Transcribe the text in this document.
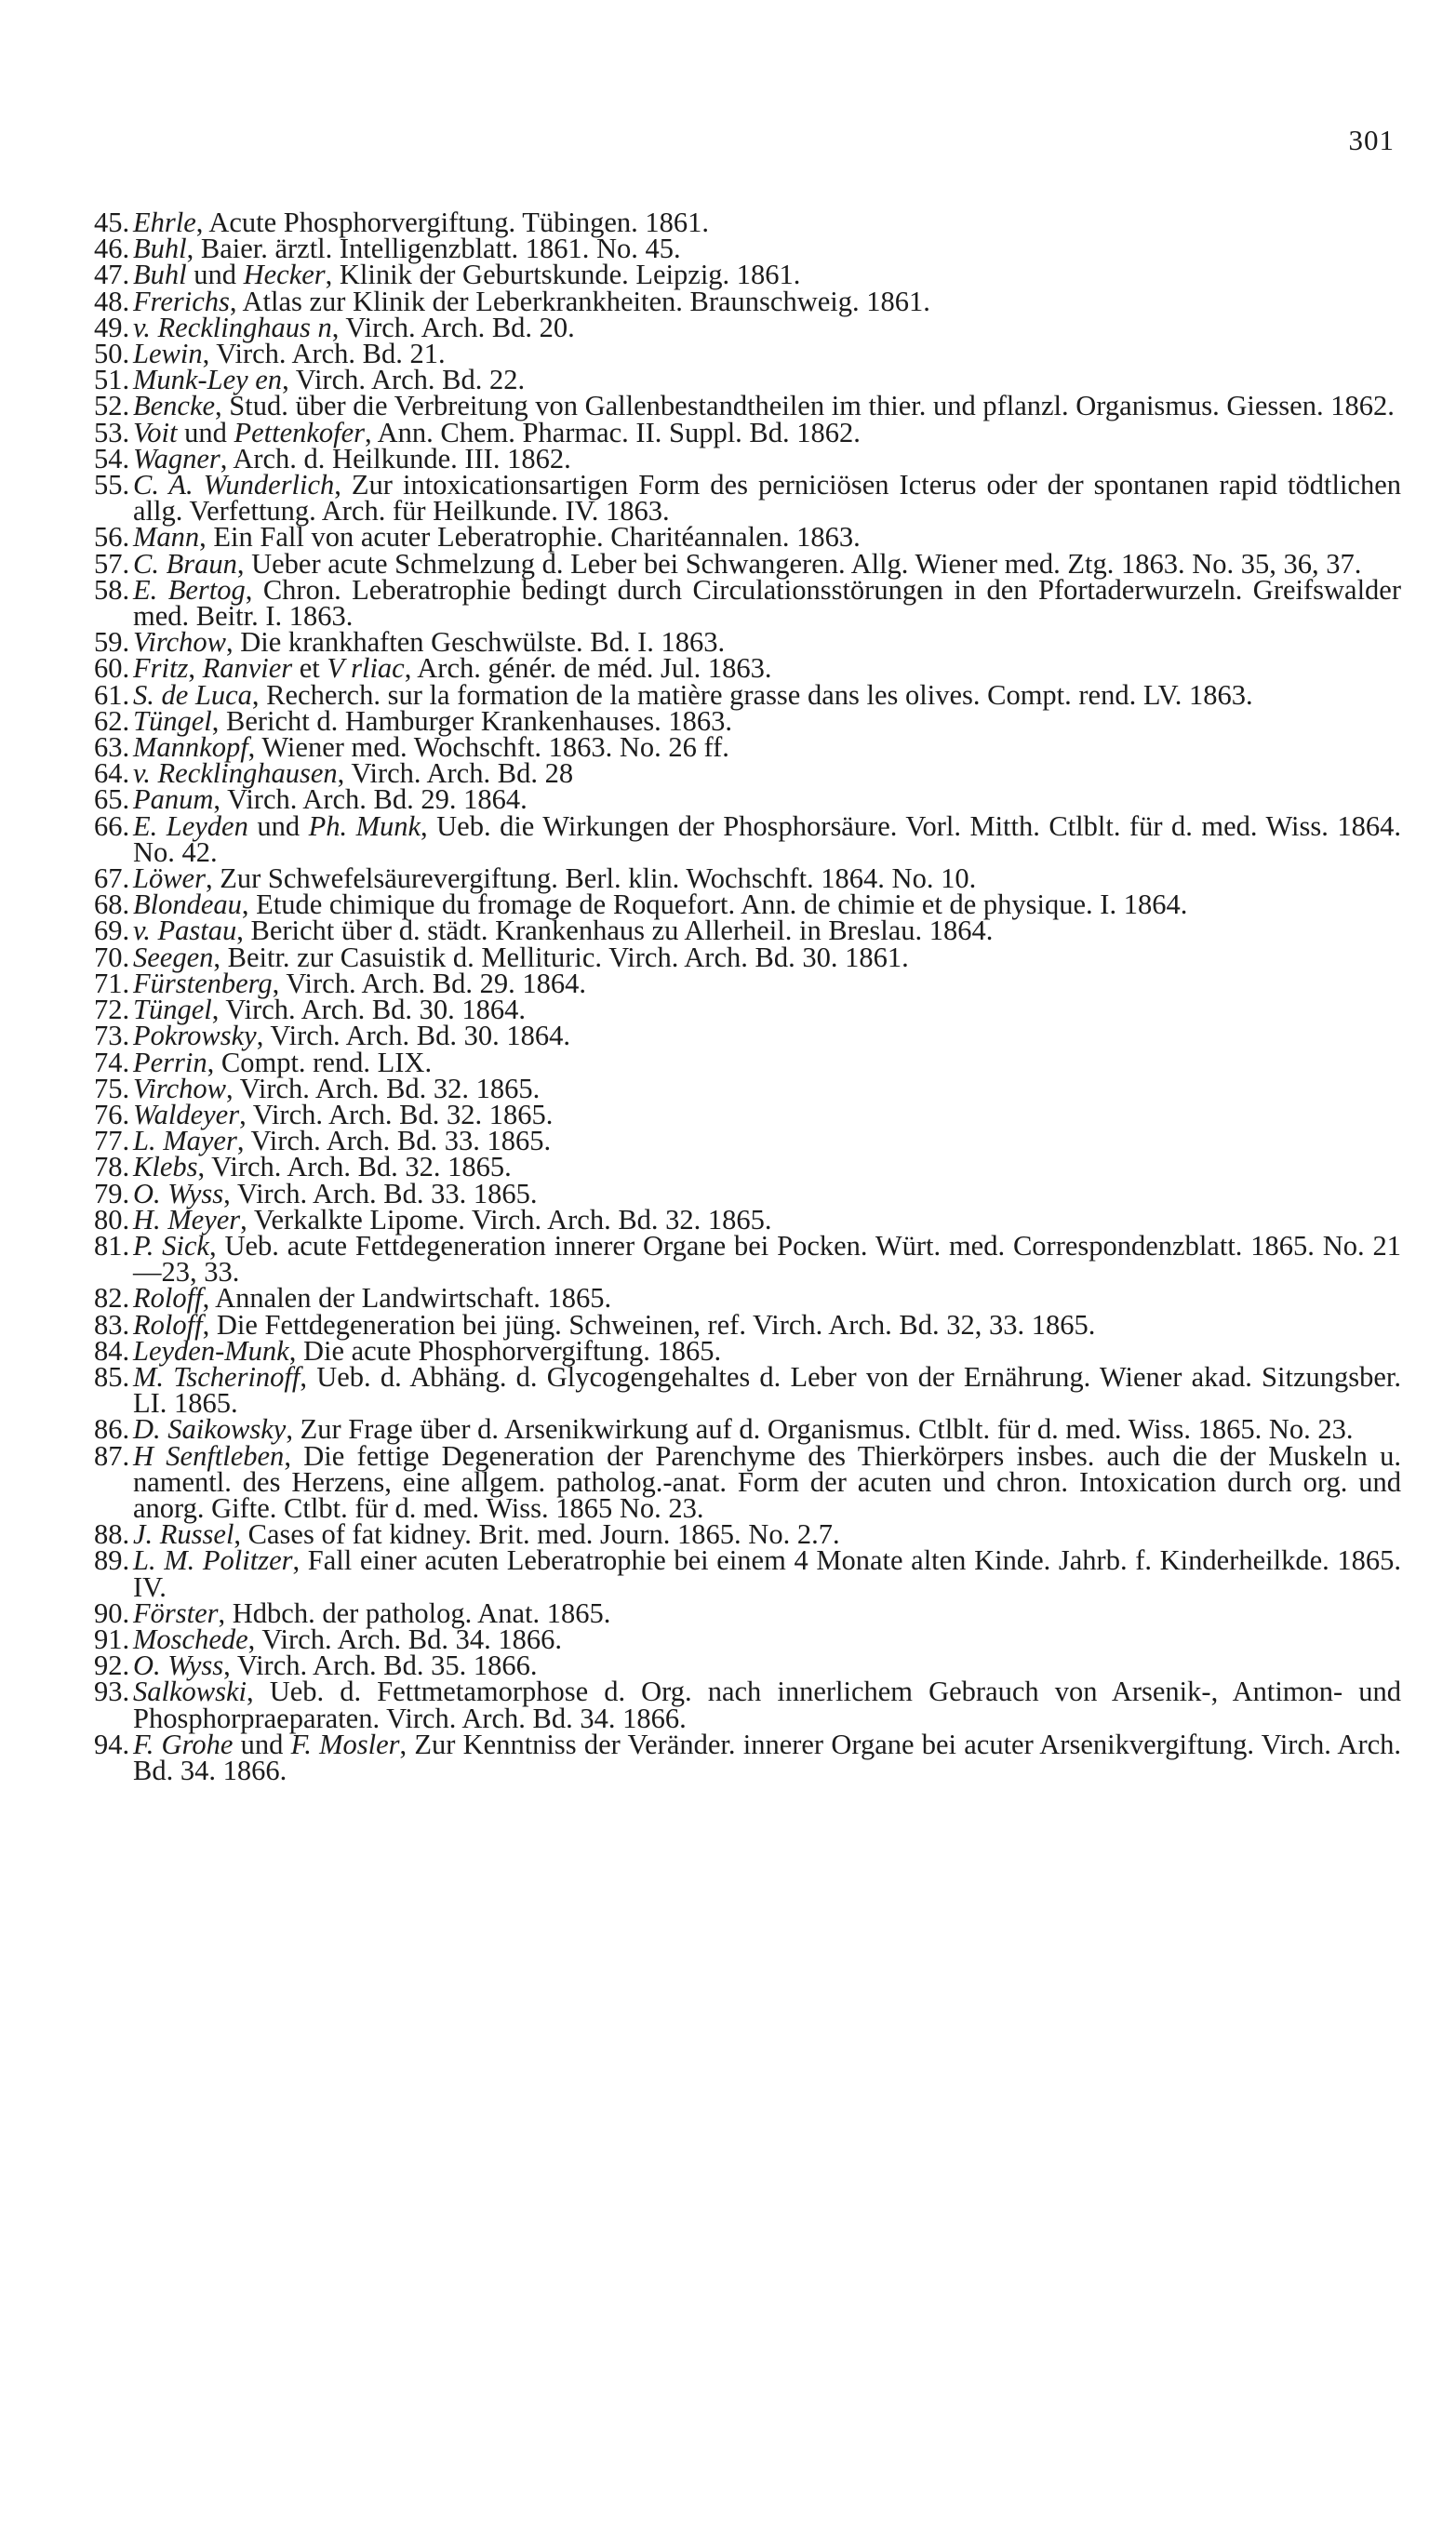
301
45. Ehrle, Acute Phosphorvergiftung. Tübingen. 1861.
46. Buhl, Baier. ärztl. Intelligenzblatt. 1861. No. 45.
47. Buhl und Hecker, Klinik der Geburtskunde. Leipzig. 1861.
48. Frerichs, Atlas zur Klinik der Leberkrankheiten. Braunschweig. 1861.
49. v. Recklinghaus n, Virch. Arch. Bd. 20.
50. Lewin, Virch. Arch. Bd. 21.
51. Munk-Ley en, Virch. Arch. Bd. 22.
52. Bencke, Stud. über die Verbreitung von Gallenbestandtheilen im thier. und pflanzl. Organismus. Giessen. 1862.
53. Voit und Pettenkofer, Ann. Chem. Pharmac. II. Suppl. Bd. 1862.
54. Wagner, Arch. d. Heilkunde. III. 1862.
55. C. A. Wunderlich, Zur intoxicationsartigen Form des perniciösen Icterus oder der spontanen rapid tödtlichen allg. Verfettung. Arch. für Heilkunde. IV. 1863.
56. Mann, Ein Fall von acuter Leberatrophie. Charitéannalen. 1863.
57. C. Braun, Ueber acute Schmelzung d. Leber bei Schwangeren. Allg. Wiener med. Ztg. 1863. No. 35, 36, 37.
58. E. Bertog, Chron. Leberatrophie bedingt durch Circulationsstörungen in den Pfortaderwurzeln. Greifswalder med. Beitr. I. 1863.
59. Virchow, Die krankhaften Geschwülste. Bd. I. 1863.
60. Fritz, Ranvier et V rliac, Arch. génér. de méd. Jul. 1863.
61. S. de Luca, Recherch. sur la formation de la matière grasse dans les olives. Compt. rend. LV. 1863.
62. Tüngel, Bericht d. Hamburger Krankenhauses. 1863.
63. Mannkopf, Wiener med. Wochschft. 1863. No. 26 ff.
64. v. Recklinghausen, Virch. Arch. Bd. 28
65. Panum, Virch. Arch. Bd. 29. 1864.
66. E. Leyden und Ph. Munk, Ueb. die Wirkungen der Phosphorsäure. Vorl. Mitth. Ctlblt. für d. med. Wiss. 1864. No. 42.
67. Löwer, Zur Schwefelsäurevergiftung. Berl. klin. Wochschft. 1864. No. 10.
68. Blondeau, Etude chimique du fromage de Roquefort. Ann. de chimie et de physique. I. 1864.
69. v. Pastau, Bericht über d. städt. Krankenhaus zu Allerheil. in Breslau. 1864.
70. Seegen, Beitr. zur Casuistik d. Mellituric. Virch. Arch. Bd. 30. 1861.
71. Fürstenberg, Virch. Arch. Bd. 29. 1864.
72. Tüngel, Virch. Arch. Bd. 30. 1864.
73. Pokrowsky, Virch. Arch. Bd. 30. 1864.
74. Perrin, Compt. rend. LIX.
75. Virchow, Virch. Arch. Bd. 32. 1865.
76. Waldeyer, Virch. Arch. Bd. 32. 1865.
77. L. Mayer, Virch. Arch. Bd. 33. 1865.
78. Klebs, Virch. Arch. Bd. 32. 1865.
79. O. Wyss, Virch. Arch. Bd. 33. 1865.
80. H. Meyer, Verkalkte Lipome. Virch. Arch. Bd. 32. 1865.
81. P. Sick, Ueb. acute Fettdegeneration innerer Organe bei Pocken. Würt. med. Correspondenzblatt. 1865. No. 21—23, 33.
82. Roloff, Annalen der Landwirtschaft. 1865.
83. Roloff, Die Fettdegeneration bei jüng. Schweinen, ref. Virch. Arch. Bd. 32, 33. 1865.
84. Leyden-Munk, Die acute Phosphorvergiftung. 1865.
85. M. Tscherinoff, Ueb. d. Abhäng. d. Glycogengehaltes d. Leber von der Ernährung. Wiener akad. Sitzungsber. LI. 1865.
86. D. Saikowsky, Zur Frage über d. Arsenikwirkung auf d. Organismus. Ctlblt. für d. med. Wiss. 1865. No. 23.
87. H Senftleben, Die fettige Degeneration der Parenchyme des Thierkörpers insbes. auch die der Muskeln u. namentl. des Herzens, eine allgem. patholog.-anat. Form der acuten und chron. Intoxication durch org. und anorg. Gifte. Ctlbt. für d. med. Wiss. 1865 No. 23.
88. J. Russel, Cases of fat kidney. Brit. med. Journ. 1865. No. 2.7.
89. L. M. Politzer, Fall einer acuten Leberatrophie bei einem 4 Monate alten Kinde. Jahrb. f. Kinderheilkde. 1865. IV.
90. Förster, Hdbch. der patholog. Anat. 1865.
91. Moschede, Virch. Arch. Bd. 34. 1866.
92. O. Wyss, Virch. Arch. Bd. 35. 1866.
93. Salkowski, Ueb. d. Fettmetamorphose d. Org. nach innerlichem Gebrauch von Arsenik-, Antimon- und Phosphorpraeparaten. Virch. Arch. Bd. 34. 1866.
94. F. Grohe und F. Mosler, Zur Kenntniss der Veränder. innerer Organe bei acuter Arsenikvergiftung. Virch. Arch. Bd. 34. 1866.
